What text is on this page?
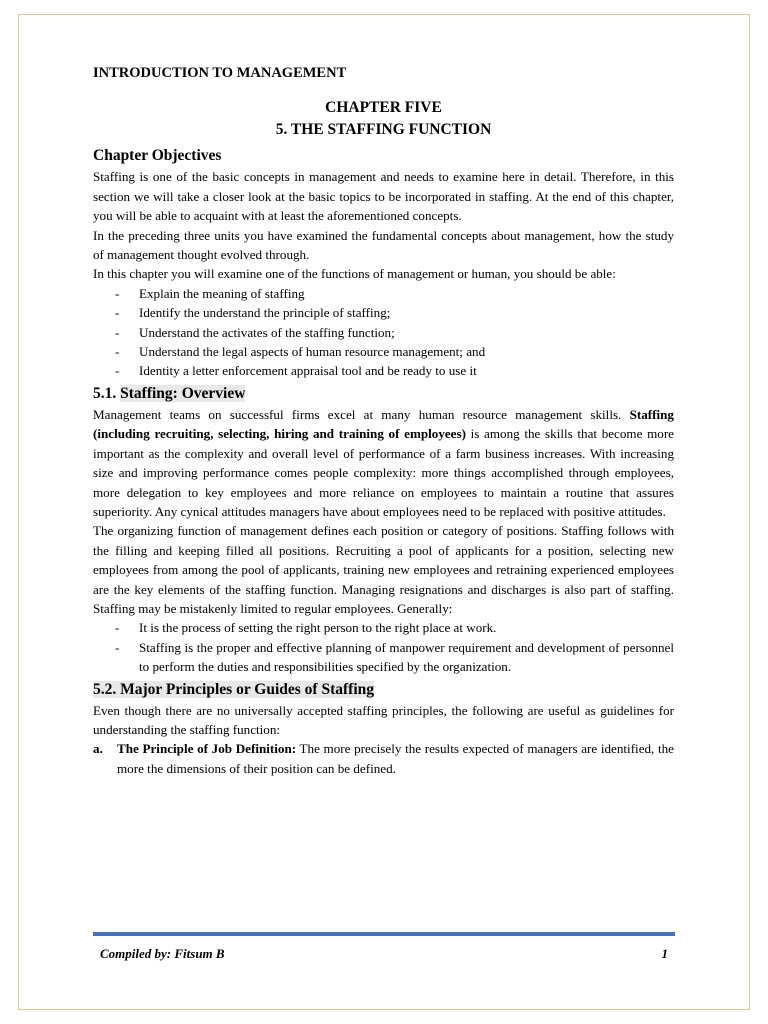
INTRODUCTION TO MANAGEMENT
CHAPTER FIVE
5. THE STAFFING FUNCTION
Chapter Objectives

Staffing is one of the basic concepts in management and needs to examine here in detail. Therefore, in this section we will take a closer look at the basic topics to be incorporated in staffing. At the end of this chapter, you will be able to acquaint with at least the aforementioned concepts.

In the preceding three units you have examined the fundamental concepts about management, how the study of management thought evolved through.

In this chapter you will examine one of the functions of management or human, you should be able:

- Explain the meaning of staffing
- Identify the understand the principle of staffing;
- Understand the activates of the staffing function;
- Understand the legal aspects of human resource management; and
- Identity a letter enforcement appraisal tool and be ready to use it
5.1. Staffing: Overview

Management teams on successful firms excel at many human resource management skills. Staffing (including recruiting, selecting, hiring and training of employees) is among the skills that become more important as the complexity and overall level of performance of a farm business increases. With increasing size and improving performance comes people complexity: more things accomplished through employees, more delegation to key employees and more reliance on employees to maintain a routine that assures superiority. Any cynical attitudes managers have about employees need to be replaced with positive attitudes.

The organizing function of management defines each position or category of positions. Staffing follows with the filling and keeping filled all positions. Recruiting a pool of applicants for a position, selecting new employees from among the pool of applicants, training new employees and retraining experienced employees are the key elements of the staffing function. Managing resignations and discharges is also part of staffing. Staffing may be mistakenly limited to regular employees. Generally:

- It is the process of setting the right person to the right place at work.
- Staffing is the proper and effective planning of manpower requirement and development of personnel to perform the duties and responsibilities specified by the organization.
5.2. Major Principles or Guides of Staffing

Even though there are no universally accepted staffing principles, the following are useful as guidelines for understanding the staffing function:

a. The Principle of Job Definition: The more precisely the results expected of managers are identified, the more the dimensions of their position can be defined.
Compiled by: Fitsum B	1
